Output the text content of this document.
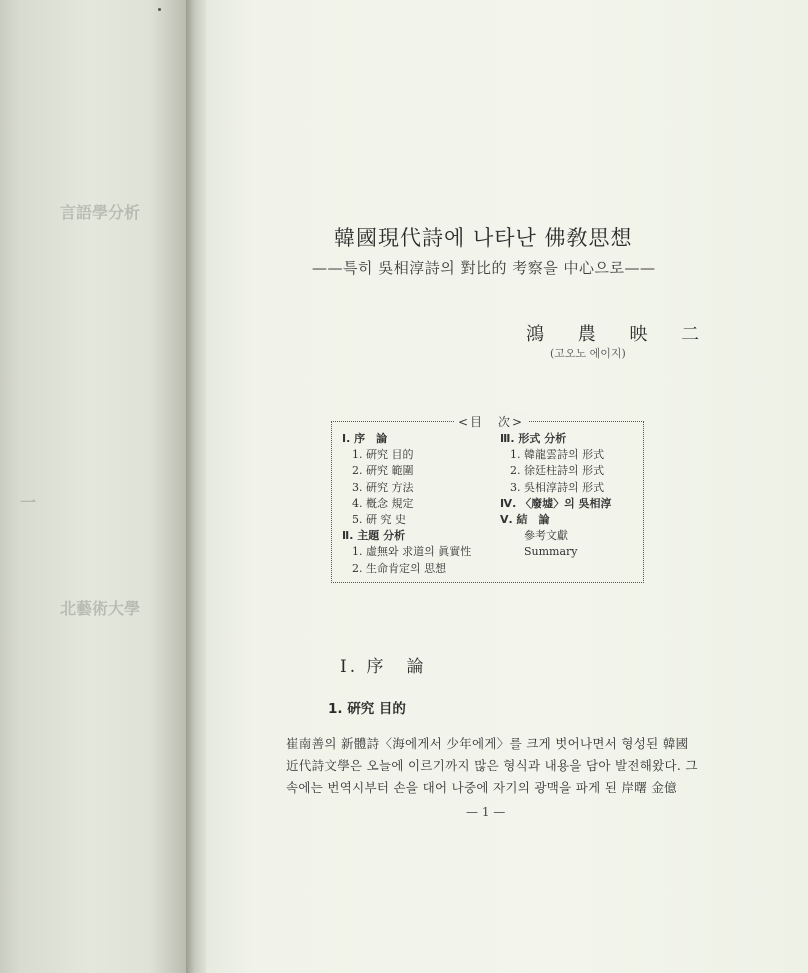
言語學分析
一
北藝術大學
韓國現代詩에 나타난 佛敎思想
——특히 吳相淳詩의 對比的 考察을 中心으로——
鴻 農 映 二
(고오노 에이지)
<目　次>
Ⅰ. 序　論
1. 硏究 目的
2. 硏究 範圍
3. 硏究 方法
4. 槪念 規定
5. 硏 究 史
Ⅱ. 主題 分析
1. 虛無와 求道의 眞實性
2. 生命肯定의 思想
Ⅲ. 形式 分析
1. 韓龍雲詩의 形式
2. 徐廷柱詩의 形式
3. 吳相淳詩의 形式
Ⅳ. 〈廢墟〉의 吳相淳
Ⅴ. 結　論
參考文獻
Summary
Ⅰ. 序　論
1. 硏究 目的
崔南善의 新體詩〈海에게서 少年에게〉를 크게 벗어나면서 형성된 韓國
近代詩文學은 오늘에 이르기까지 많은 형식과 내용을 담아 발전해왔다. 그
속에는 번역시부터 손을 대어 나중에 자기의 광맥을 파게 된 岸曙 金億
— 1 —
